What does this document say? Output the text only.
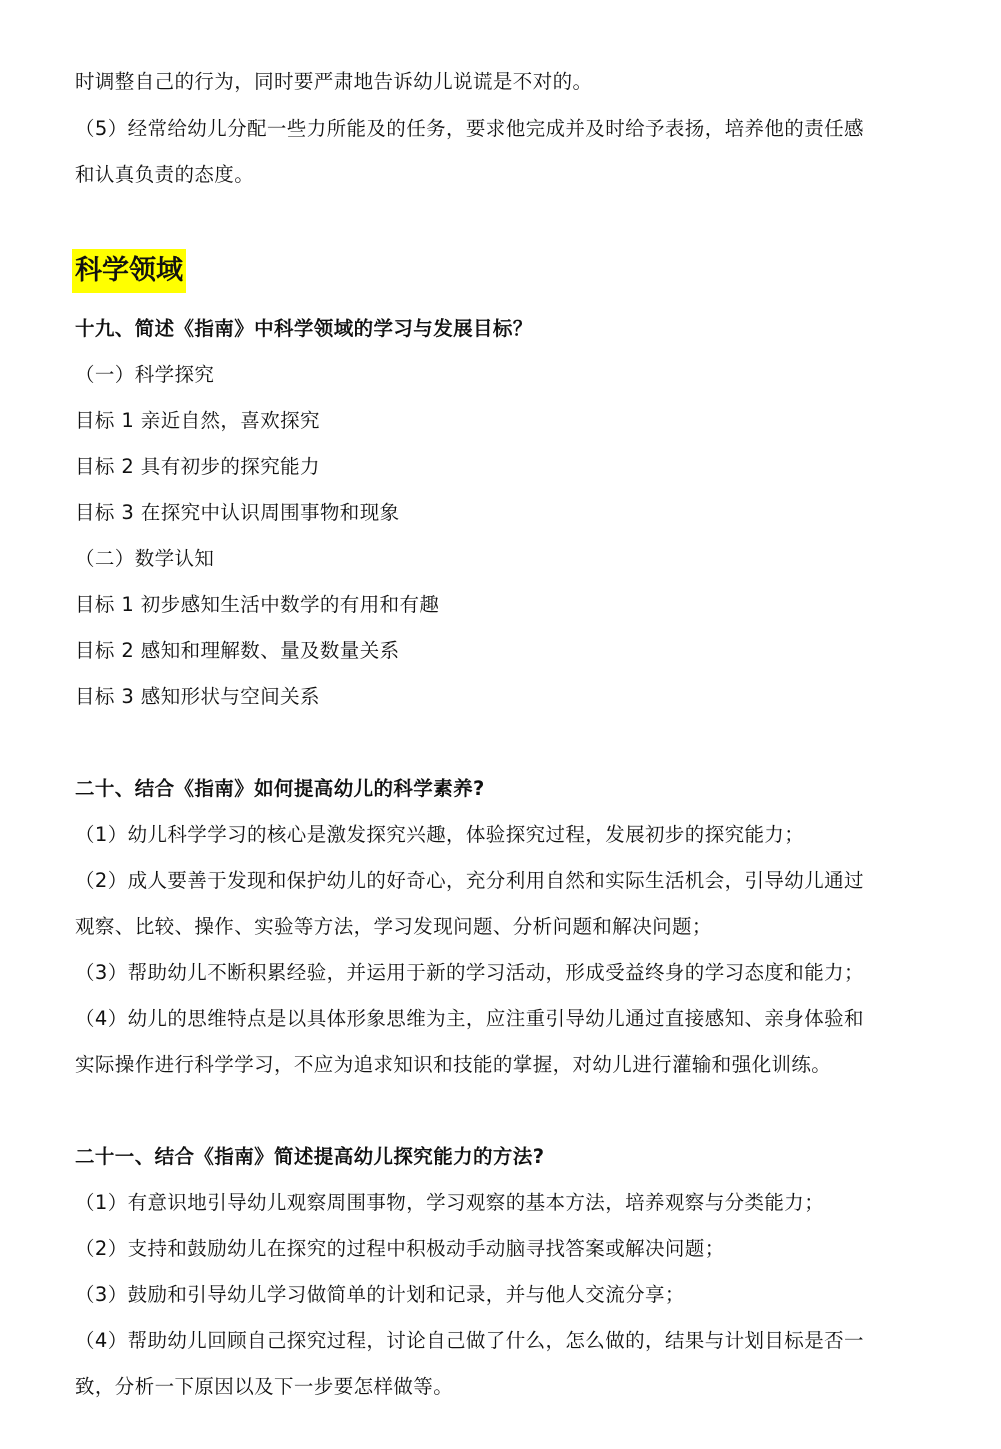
时调整自己的行为，同时要严肃地告诉幼儿说谎是不对的。
（5）经常给幼儿分配一些力所能及的任务，要求他完成并及时给予表扬，培养他的责任感
和认真负责的态度。
科学领域
十九、简述《指南》中科学领域的学习与发展目标？
（一）科学探究
目标 1 亲近自然，喜欢探究
目标 2 具有初步的探究能力
目标 3 在探究中认识周围事物和现象
（二）数学认知
目标 1 初步感知生活中数学的有用和有趣
目标 2 感知和理解数、量及数量关系
目标 3 感知形状与空间关系
二十、结合《指南》如何提高幼儿的科学素养?
（1）幼儿科学学习的核心是激发探究兴趣，体验探究过程，发展初步的探究能力；
（2）成人要善于发现和保护幼儿的好奇心，充分利用自然和实际生活机会，引导幼儿通过
观察、比较、操作、实验等方法，学习发现问题、分析问题和解决问题；
（3）帮助幼儿不断积累经验，并运用于新的学习活动，形成受益终身的学习态度和能力；
（4）幼儿的思维特点是以具体形象思维为主，应注重引导幼儿通过直接感知、亲身体验和
实际操作进行科学学习，不应为追求知识和技能的掌握，对幼儿进行灌输和强化训练。
二十一、结合《指南》简述提高幼儿探究能力的方法?
（1）有意识地引导幼儿观察周围事物，学习观察的基本方法，培养观察与分类能力；
（2）支持和鼓励幼儿在探究的过程中积极动手动脑寻找答案或解决问题；
（3）鼓励和引导幼儿学习做简单的计划和记录，并与他人交流分享；
（4）帮助幼儿回顾自己探究过程，讨论自己做了什么，怎么做的，结果与计划目标是否一
致，分析一下原因以及下一步要怎样做等。
